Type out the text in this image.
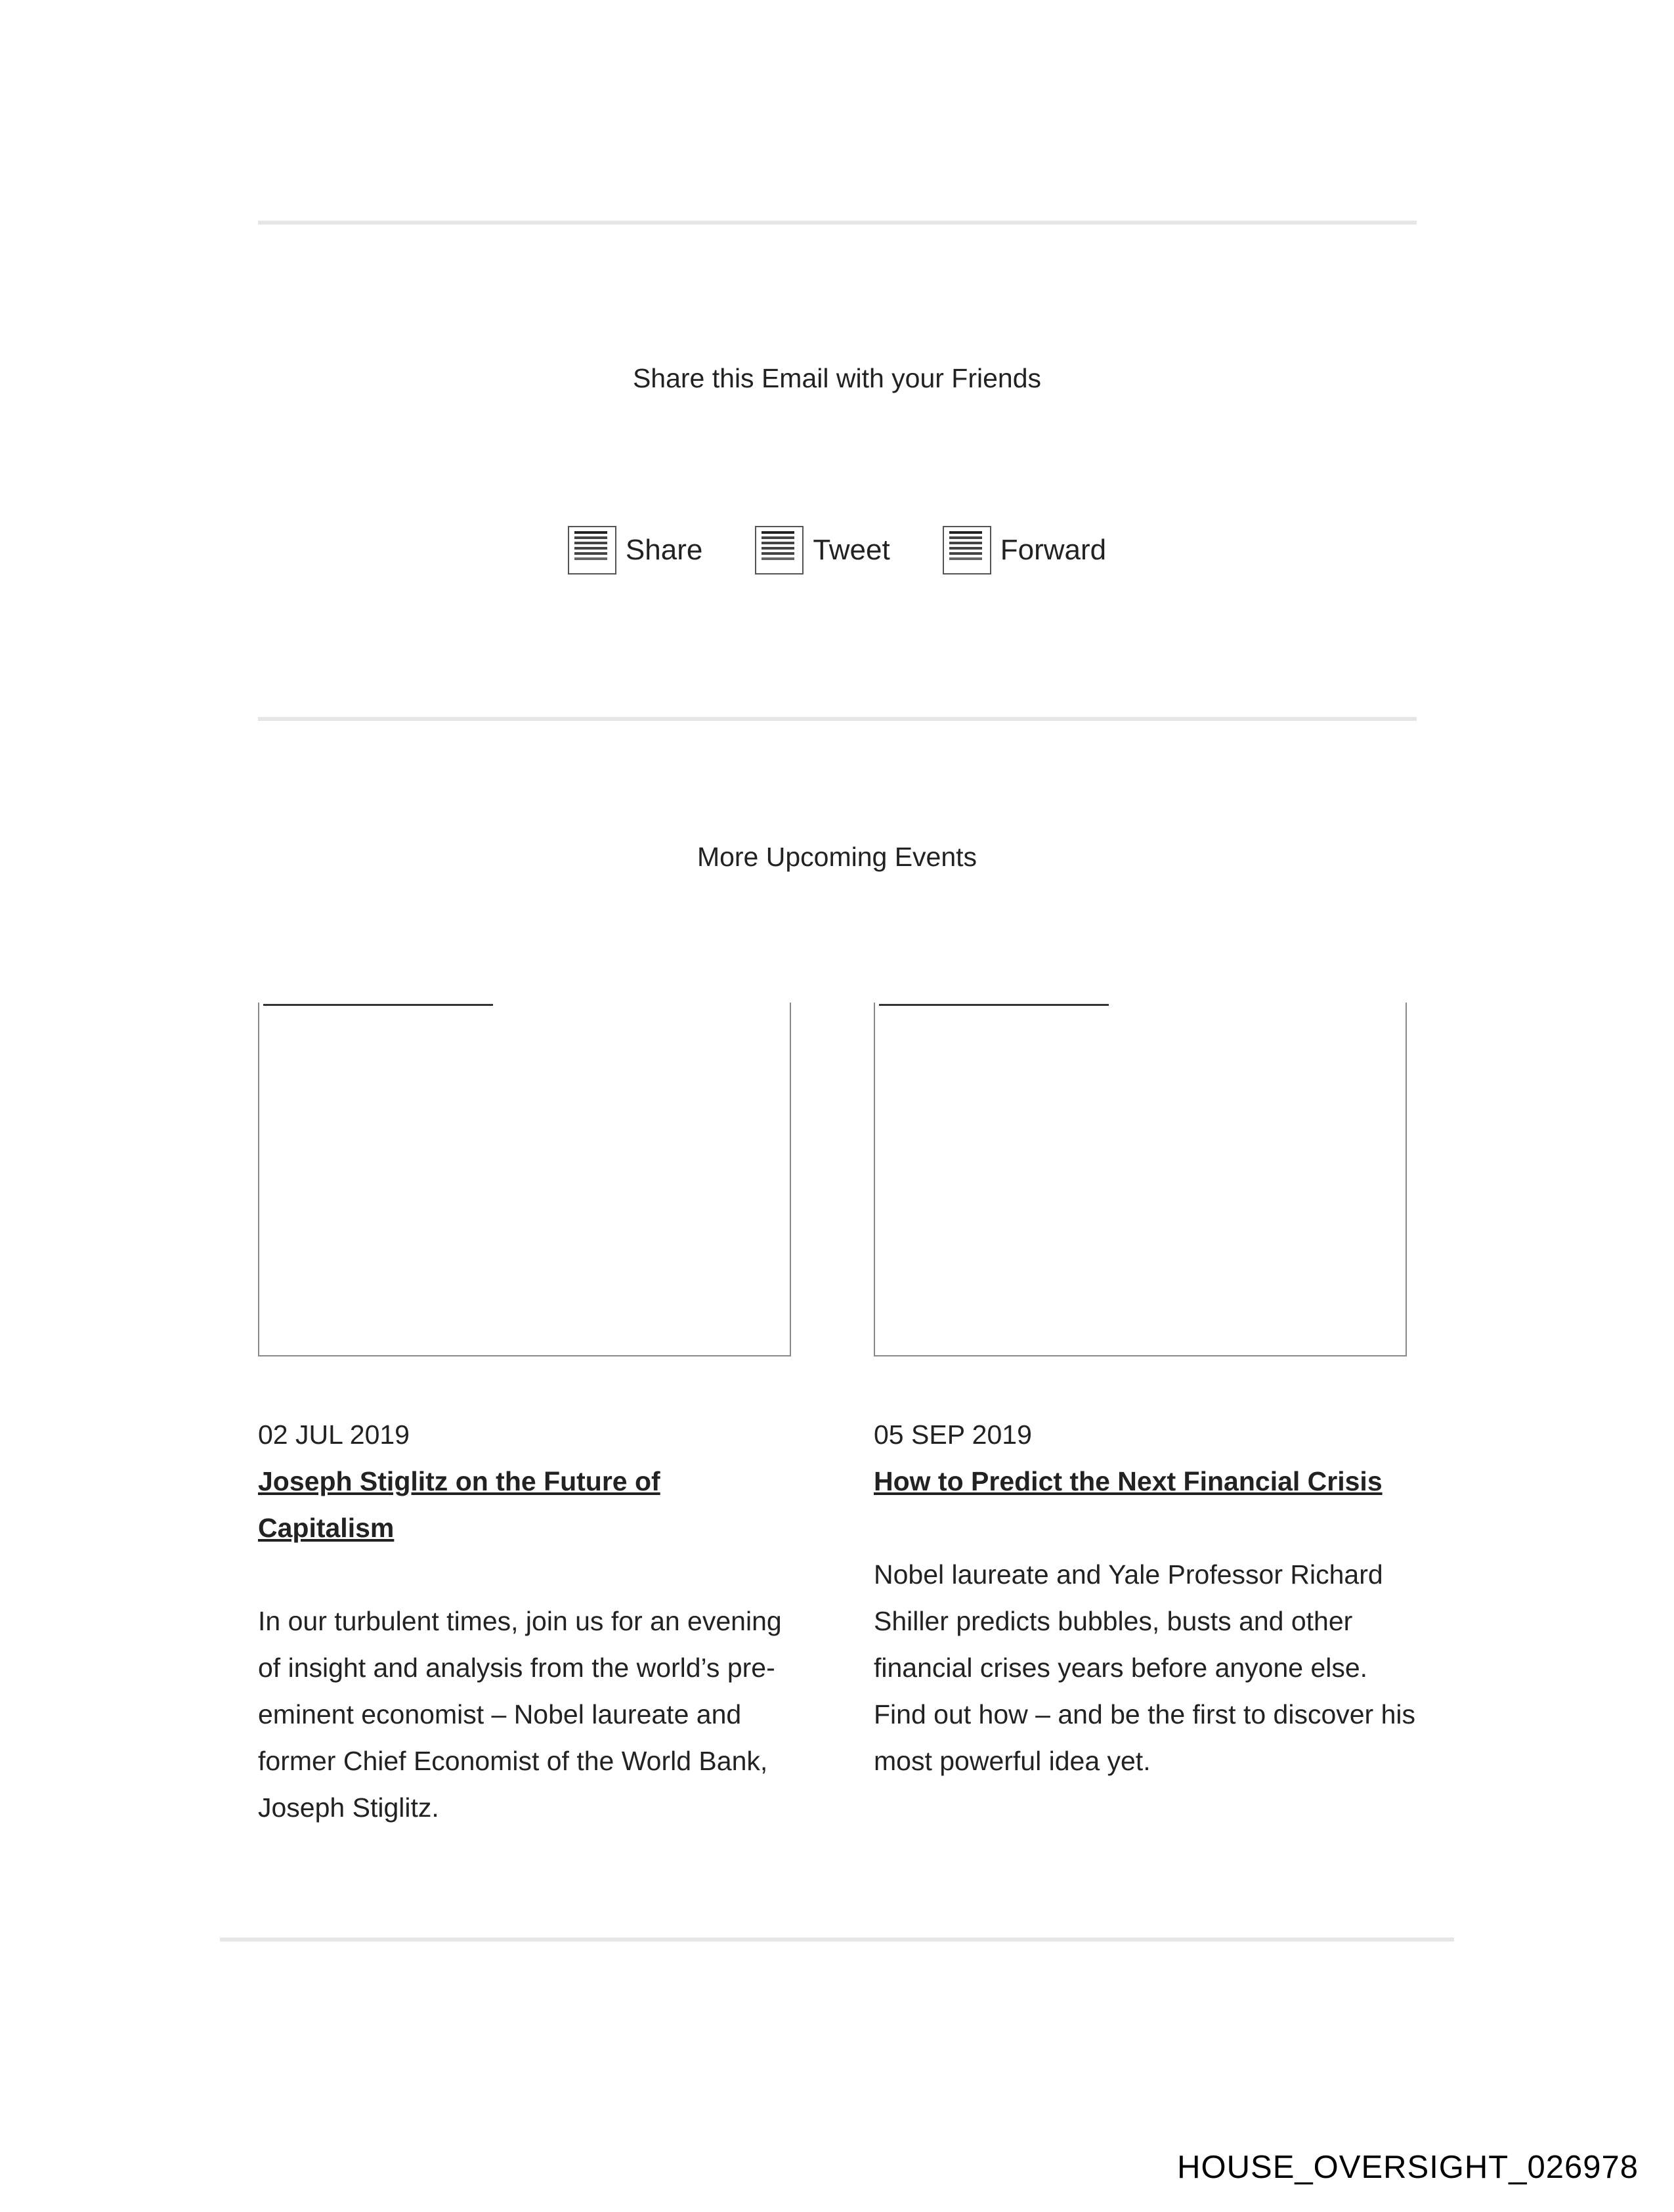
Share this Email with your Friends
Share	Tweet	Forward
More Upcoming Events

02 JUL 2019

Joseph Stiglitz on the Future of Capitalism

In our turbulent times, join us for an evening of insight and analysis from the world’s pre-eminent economist – Nobel laureate and former Chief Economist of the World Bank, Joseph Stiglitz.

05 SEP 2019

How to Predict the Next Financial Crisis

Nobel laureate and Yale Professor Richard Shiller predicts bubbles, busts and other financial crises years before anyone else. Find out how – and be the first to discover his most powerful idea yet.

HOUSE_OVERSIGHT_026978
